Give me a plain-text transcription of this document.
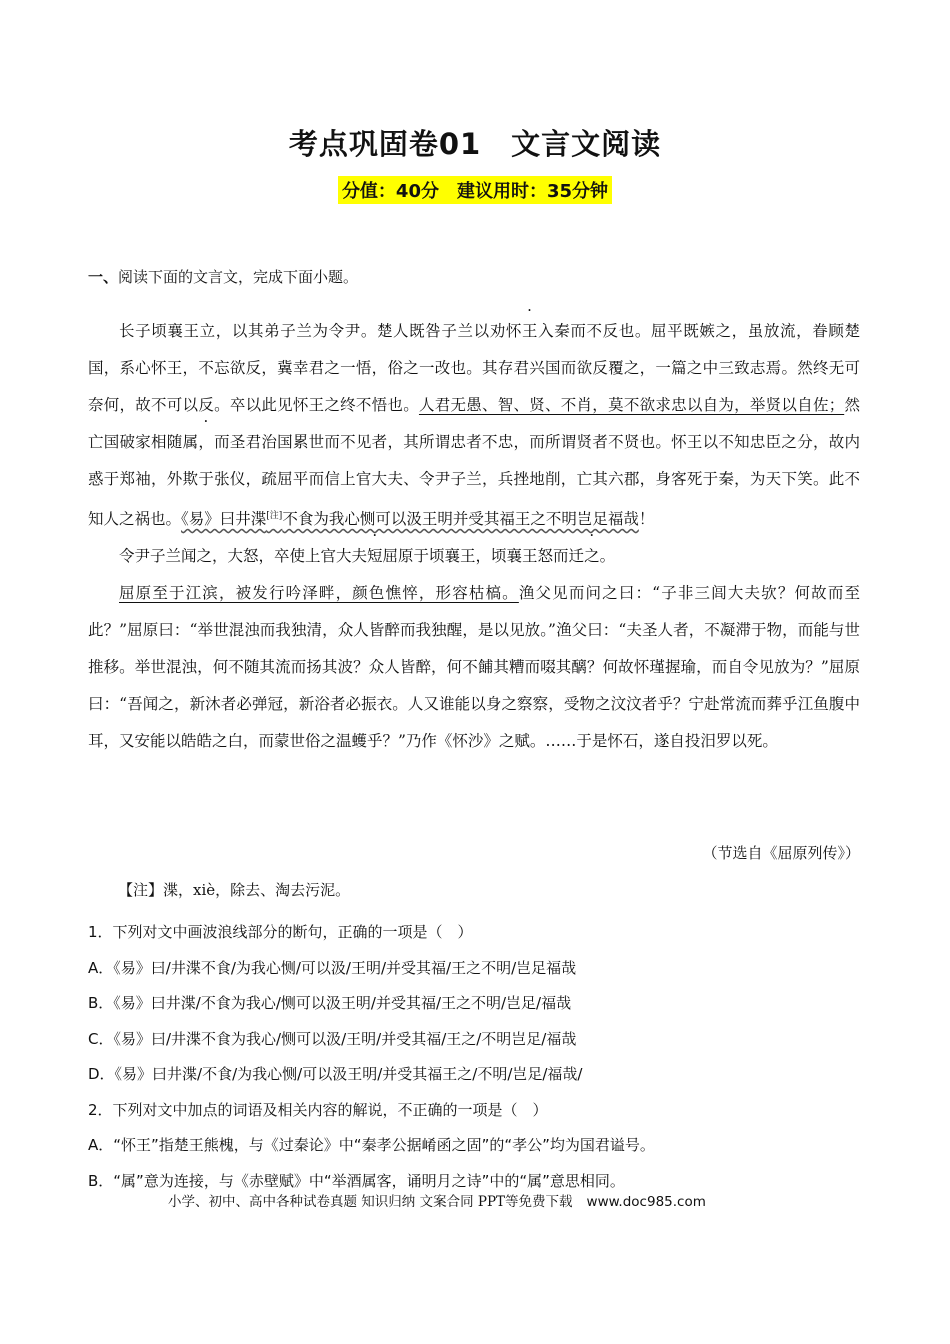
考点巩固卷01　文言文阅读
分值：40分　建议用时：35分钟
一、阅读下面的文言文，完成下面小题。

长子顷襄王立，以其弟子兰为令尹。楚人既咎子兰以劝怀王入秦而不反也。屈平既嫉之，虽放流，眷顾楚国，系心怀王，不忘欲反，冀幸君之一悟，俗之一改也。其存君兴国而欲反覆之，一篇之中三致志焉。然终无可奈何，故不可以反。卒以此见怀王之终不悟也。人君无愚、智、贤、不肖，莫不欲求忠以自为，举贤以自佐；然亡国破家相随属，而圣君治国累世而不见者，其所谓忠者不忠，而所谓贤者不贤也。怀王以不知忠臣之分，故内惑于郑袖，外欺于张仪，疏屈平而信上官大夫、令尹子兰，兵挫地削，亡其六郡，身客死于秦，为天下笑。此不知人之祸也。《易》曰井渫[注]不食为我心恻可以汲王明并受其福王之不明岂足福哉！

令尹子兰闻之，大怒，卒使上官大夫短屈原于顷襄王，顷襄王怒而迁之。

屈原至于江滨，被发行吟泽畔，颜色憔悴，形容枯槁。渔父见而问之曰：“子非三闾大夫欤？何故而至此？”屈原曰：“举世混浊而我独清，众人皆醉而我独醒，是以见放。”渔父曰：“夫圣人者，不凝滞于物，而能与世推移。举世混浊，何不随其流而扬其波？众人皆醉，何不餔其糟而啜其醨？何故怀瑾握瑜，而自令见放为？”屈原曰：“吾闻之，新沐者必弹冠，新浴者必振衣。人又谁能以身之察察，受物之汶汶者乎？宁赴常流而葬乎江鱼腹中耳，又安能以皓皓之白，而蒙世俗之温蠖乎？”乃作《怀沙》之赋。……于是怀石，遂自投汨罗以死。

（节选自《屈原列传》）
【注】渫，xiè，除去、淘去污泥。
1．下列对文中画波浪线部分的断句，正确的一项是（　）
A．《易》曰/井渫不食/为我心恻/可以汲/王明/并受其福/王之不明/岂足福哉
B．《易》曰井渫/不食为我心/恻可以汲王明/并受其福/王之不明/岂足/福哉
C．《易》曰/井渫不食为我心/恻可以汲/王明/并受其福/王之/不明岂足/福哉
D．《易》曰井渫/不食/为我心恻/可以汲王明/并受其福王之/不明/岂足/福哉/
2．下列对文中加点的词语及相关内容的解说，不正确的一项是（　）
A．“怀王”指楚王熊槐，与《过秦论》中“秦孝公据崤函之固”的“孝公”均为国君谥号。
B．“属”意为连接，与《赤壁赋》中“举酒属客，诵明月之诗”中的“属”意思相同。
小学、初中、高中各种试卷真题 知识归纳 文案合同 PPT等免费下载 www.doc985.com
